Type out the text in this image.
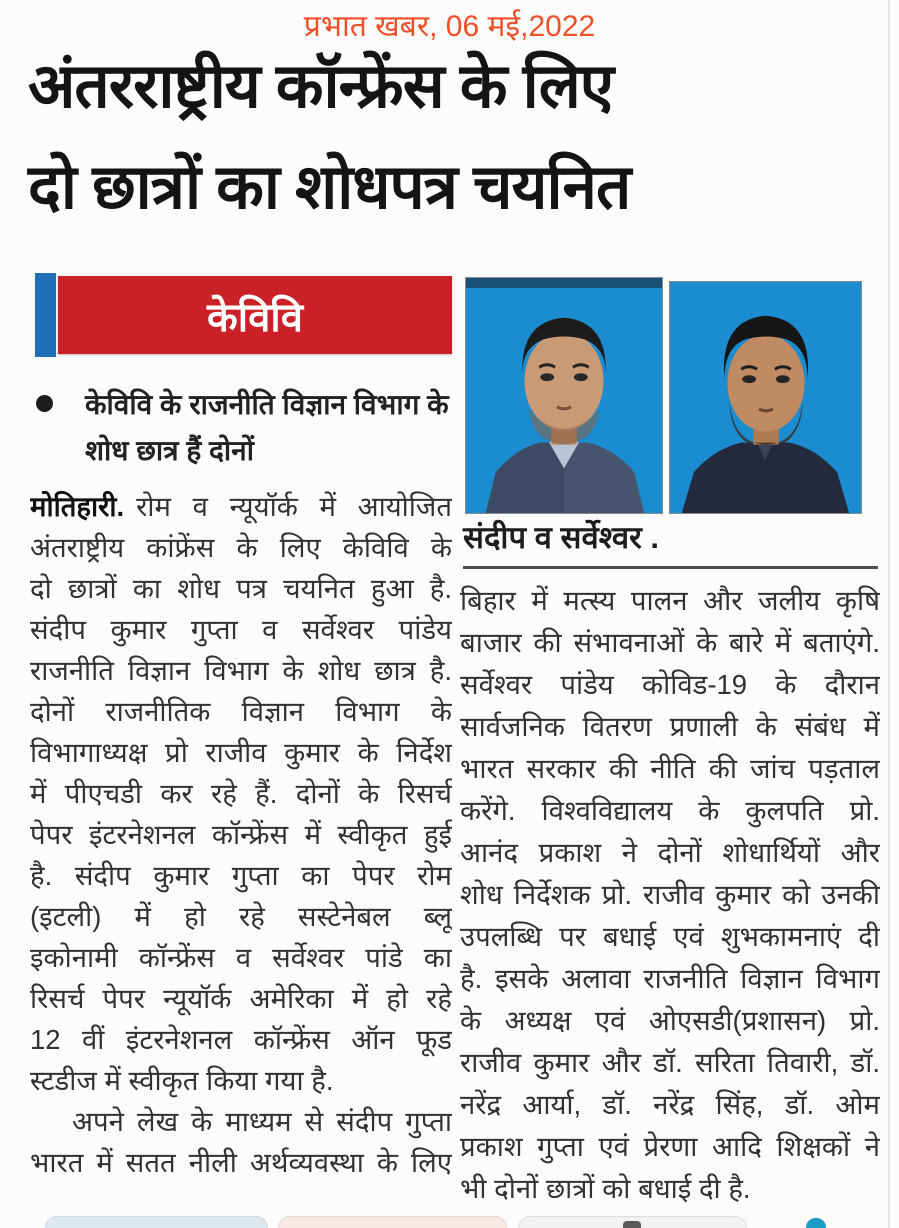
प्रभात खबर, 06 मई,2022
अंतरराष्ट्रीय कॉन्फ्रेंस के लिए
दो छात्रों का शोधपत्र चयनित
केविवि
केविवि के राजनीति विज्ञान विभाग के शोध छात्र हैं दोनों
संदीप व सर्वेश्वर .
मोतिहारी. रोम व न्यूयॉर्क में आयोजित
अंतराष्ट्रीय कांफ्रेंस के लिए केविवि के
दो छात्रों का शोध पत्र चयनित हुआ है.
संदीप कुमार गुप्ता व सर्वेश्वर पांडेय
राजनीति विज्ञान विभाग के शोध छात्र है.
दोनों राजनीतिक विज्ञान विभाग के
विभागाध्यक्ष प्रो राजीव कुमार के निर्देश
में पीएचडी कर रहे हैं. दोनों के रिसर्च
पेपर इंटरनेशनल कॉन्फ्रेंस में स्वीकृत हुई
है. संदीप कुमार गुप्ता का पेपर रोम
(इटली) में हो रहे सस्टेनेबल ब्लू
इकोनामी कॉन्फ्रेंस व सर्वेश्वर पांडे का
रिसर्च पेपर न्यूयॉर्क अमेरिका में हो रहे
12 वीं इंटरनेशनल कॉन्फ्रेंस ऑन फूड
स्टडीज में स्वीकृत किया गया है.
अपने लेख के माध्यम से संदीप गुप्ता
भारत में सतत नीली अर्थव्यवस्था के लिए
बिहार में मत्स्य पालन और जलीय कृषि
बाजार की संभावनाओं के बारे में बताएंगे.
सर्वेश्वर पांडेय कोविड-19 के दौरान
सार्वजनिक वितरण प्रणाली के संबंध में
भारत सरकार की नीति की जांच पड़ताल
करेंगे. विश्वविद्यालय के कुलपति प्रो.
आनंद प्रकाश ने दोनों शोधार्थियों और
शोध निर्देशक प्रो. राजीव कुमार को उनकी
उपलब्धि पर बधाई एवं शुभकामनाएं दी
है. इसके अलावा राजनीति विज्ञान विभाग
के अध्यक्ष एवं ओएसडी(प्रशासन) प्रो.
राजीव कुमार और डॉ. सरिता तिवारी, डॉ.
नरेंद्र आर्या, डॉ. नरेंद्र सिंह, डॉ. ओम
प्रकाश गुप्ता एवं प्रेरणा आदि शिक्षकों ने
भी दोनों छात्रों को बधाई दी है.
